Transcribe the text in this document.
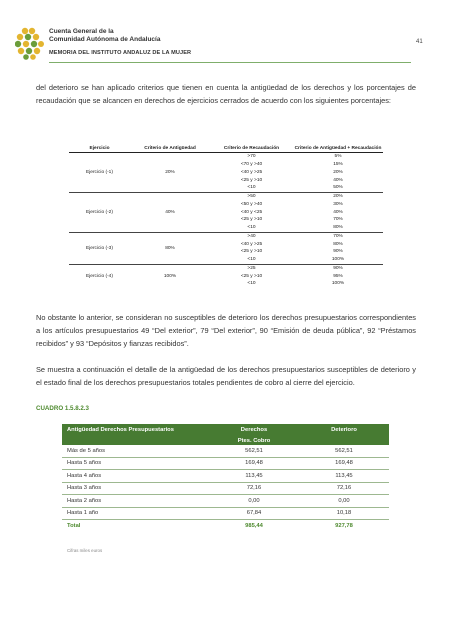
Cuenta General de la
Comunidad Autónoma de Andalucía
MEMORIA DEL INSTITUTO ANDALUZ DE LA MUJER
41
del deterioro se han aplicado criterios que tienen en cuenta la antigüedad de los derechos y los porcentajes de recaudación que se alcancen en derechos de ejercicios cerrados de acuerdo con los siguientes porcentajes:
Ejercicio	Criterio de Antigüedad	Criterio de Recaudación	Criterio de Antigüedad + Recaudación
Ejercicio (-1)	20%	>70	5%
		<70 y >40	15%
		<40 y >25	20%
		<25 y >10	40%
		<10	50%
Ejercicio (-2)	40%	>50	20%
		<50 y >40	30%
		<40 y <25	40%
		<25 y >10	70%
		<10	80%
Ejercicio (-3)	80%	>40	70%
		<40 y >25	80%
		<25 y >10	90%
		<10	100%
Ejercicio (-4)	100%	>25	90%
		<25 y >10	95%
		<10	100%
No obstante lo anterior, se consideran no susceptibles de deterioro los derechos presupuestarios correspondientes a los artículos presupuestarios 49 “Del exterior”, 79 “Del exterior”, 90 “Emisión de deuda pública”, 92 “Préstamos recibidos” y 93 “Depósitos y fianzas recibidos”.
Se muestra a continuación el detalle de la antigüedad de los derechos presupuestarios susceptibles de deterioro y el estado final de los derechos presupuestarios totales pendientes de cobro al cierre del ejercicio.
CUADRO 1.5.8.2.3
Antigüedad Derechos Presupuestarios	Derechos	Deterioro
	Ptes. Cobro	
Más de 5 años	562,51	562,51
Hasta 5 años	169,48	169,48
Hasta 4 años	113,45	113,45
Hasta 3 años	72,16	72,16
Hasta 2 años	0,00	0,00
Hasta 1 año	67,84	10,18
Total	985,44	927,78
Cifras miles euros
